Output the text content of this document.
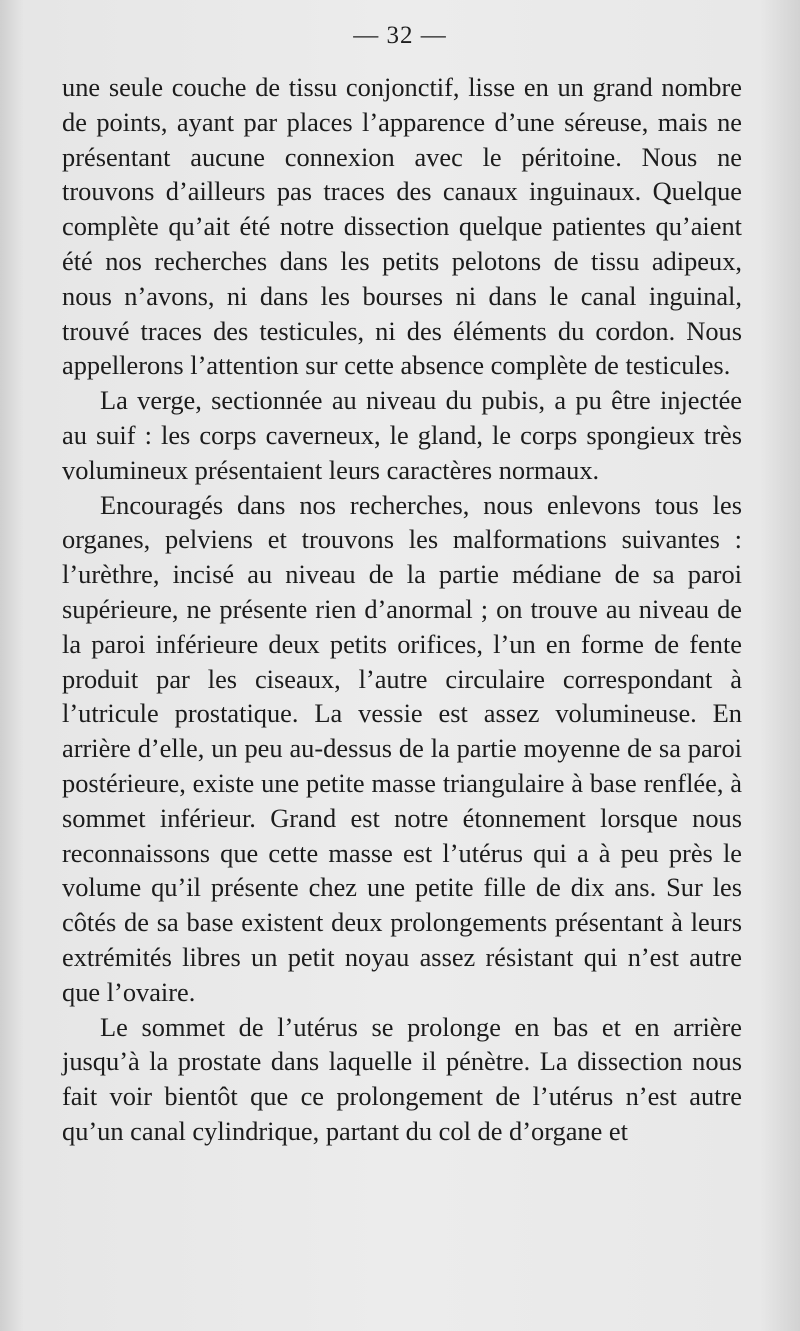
— 32 —

une seule couche de tissu conjonctif, lisse en un grand nombre de points, ayant par places l’apparence d’une séreuse, mais ne présentant aucune connexion avec le péritoine. Nous ne trouvons d’ailleurs pas traces des canaux inguinaux. Quelque complète qu’ait été notre dissection quelque patientes qu’aient été nos recherches dans les petits pelotons de tissu adipeux, nous n’avons, ni dans les bourses ni dans le canal inguinal, trouvé traces des testicules, ni des éléments du cordon. Nous appellerons l’attention sur cette absence complète de testicules.

La verge, sectionnée au niveau du pubis, a pu être injectée au suif : les corps caverneux, le gland, le corps spongieux très volumineux présentaient leurs caractères normaux.

Encouragés dans nos recherches, nous enlevons tous les organes, pelviens et trouvons les malformations suivantes : l’urèthre, incisé au niveau de la partie médiane de sa paroi supérieure, ne présente rien d’anormal ; on trouve au niveau de la paroi inférieure deux petits orifices, l’un en forme de fente produit par les ciseaux, l’autre circulaire correspondant à l’utricule prostatique. La vessie est assez volumineuse. En arrière d’elle, un peu au-dessus de la partie moyenne de sa paroi postérieure, existe une petite masse triangulaire à base renflée, à sommet inférieur. Grand est notre étonnement lorsque nous reconnaissons que cette masse est l’utérus qui a à peu près le volume qu’il présente chez une petite fille de dix ans. Sur les côtés de sa base existent deux prolongements présentant à leurs extrémités libres un petit noyau assez résistant qui n’est autre que l’ovaire.

Le sommet de l’utérus se prolonge en bas et en arrière jusqu’à la prostate dans laquelle il pénètre. La dissection nous fait voir bientôt que ce prolongement de l’utérus n’est autre qu’un canal cylindrique, partant du col de d’organe et
